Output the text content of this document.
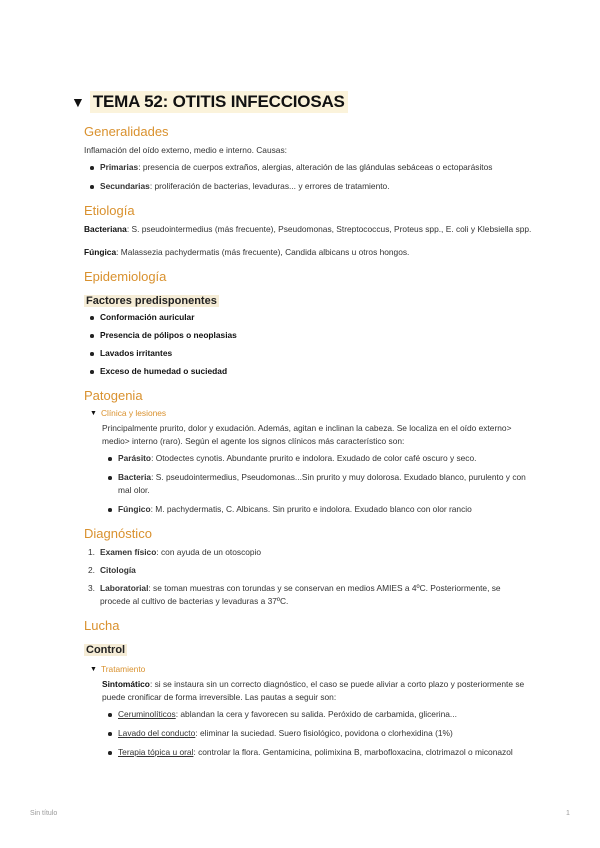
▼ TEMA 52: OTITIS INFECCIOSAS
Generalidades
Inflamación del oído externo, medio e interno. Causas:
Primarias: presencia de cuerpos extraños, alergias, alteración de las glándulas sebáceas o ectoparásitos
Secundarias: proliferación de bacterias, levaduras... y errores de tratamiento.
Etiología
Bacteriana: S. pseudointermedius (más frecuente), Pseudomonas, Streptococcus, Proteus spp., E. coli y Klebsiella spp.
Fúngica: Malassezia pachydermatis (más frecuente), Candida albicans u otros hongos.
Epidemiología
Factores predisponentes
Conformación auricular
Presencia de pólipos o neoplasias
Lavados irritantes
Exceso de humedad o suciedad
Patogenia
▼ Clínica y lesiones
Principalmente prurito, dolor y exudación. Además, agitan e inclinan la cabeza. Se localiza en el oído externo> medio> interno (raro). Según el agente los signos clínicos más característico son:
Parásito: Otodectes cynotis. Abundante prurito e indolora. Exudado de color café oscuro y seco.
Bacteria: S. pseudointermedius, Pseudomonas...Sin prurito y muy dolorosa. Exudado blanco, purulento y con mal olor.
Fúngico: M. pachydermatis, C. Albicans. Sin prurito e indolora. Exudado blanco con olor rancio
Diagnóstico
1. Examen físico: con ayuda de un otoscopio
2. Citología
3. Laboratorial: se toman muestras con torundas y se conservan en medios AMIES a 4ºC. Posteriormente, se procede al cultivo de bacterias y levaduras a 37ºC.
Lucha
Control
▼ Tratamiento
Sintomático: si se instaura sin un correcto diagnóstico, el caso se puede aliviar a corto plazo y posteriormente se puede cronificar de forma irreversible. Las pautas a seguir son:
Ceruminolíticos: ablandan la cera y favorecen su salida. Peróxido de carbamida, glicerina...
Lavado del conducto: eliminar la suciedad. Suero fisiológico, povidona o clorhexidina (1%)
Terapia tópica u oral: controlar la flora. Gentamicina, polimixina B, marbofloxacina, clotrimazol o miconazol
Sin título	1
